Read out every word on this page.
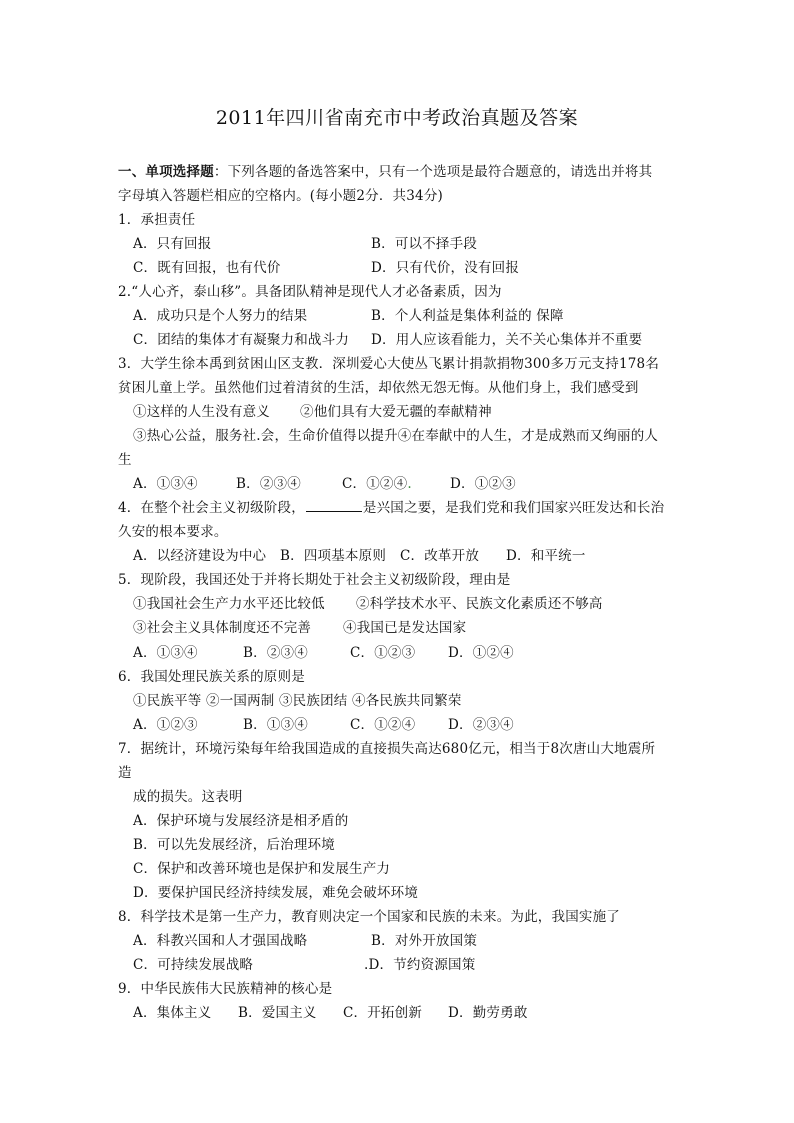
2011年四川省南充市中考政治真题及答案
一、单项选择题：下列各题的备选答案中，只有一个选项是最符合题意的，请选出并将其
字母填入答题栏相应的空格内。(每小题2分．共34分)
1．承担责任
A．只有回报	B．可以不择手段
C．既有回报，也有代价	D．只有代价，没有回报
2.“人心齐，泰山移”。具备团队精神是现代人才必备素质，因为
A．成功只是个人努力的结果	B．个人利益是集体利益的 保障
C．团结的集体才有凝聚力和战斗力 D．用人应该看能力，关不关心集体并不重要
3．大学生徐本禹到贫困山区支教．深圳爱心大使丛飞累计捐款捐物300多万元支持178名
贫困儿童上学。虽然他们过着清贫的生活，却依然无怨无悔。从他们身上，我们感受到
①这样的人生没有意义 ②他们具有大爱无疆的奉献精神
③热心公益，服务社.会，生命价值得以提升④在奉献中的人生，才是成熟而又绚丽的人
生
A．①③④	B．②③④	C．①②④.	D．①②③
4．在整个社会主义初级阶段，	是兴国之要，是我们党和我们国家兴旺发达和长治
久安的根本要求。
A．以经济建设为中心 B．四项基本原则 C．改革开放 D．和平统一
5．现阶段，我国还处于并将长期处于社会主义初级阶段，理由是
①我国社会生产力水平还比较低 ②科学技术水平、民族文化素质还不够高
③社会主义具体制度还不完善 ④我国已是发达国家
A．①③④	B．②③④	C．①②③ D．①②④
6．我国处理民族关系的原则是
①民族平等 ②一国两制 ③民族团结 ④各民族共同繁荣
A．①②③	B．①③④	C．①②④ D．②③④
7．据统计，环境污染每年给我国造成的直接损失高达680亿元，相当于8次唐山大地震所
造
成的损失。这表明
A．保护环境与发展经济是相矛盾的
B．可以先发展经济，后治理环境
C．保护和改善环境也是保护和发展生产力
D．要保护国民经济持续发展，难免会破坏环境
8．科学技术是第一生产力，教育则决定一个国家和民族的未来。为此，我国实施了
A．科教兴国和人才强国战略	B．对外开放国策
C．可持续发展战略	.D．节约资源国策
9．中华民族伟大民族精神的核心是
A．集体主义 B．爱国主义 C．开拓创新 D．勤劳勇敢
